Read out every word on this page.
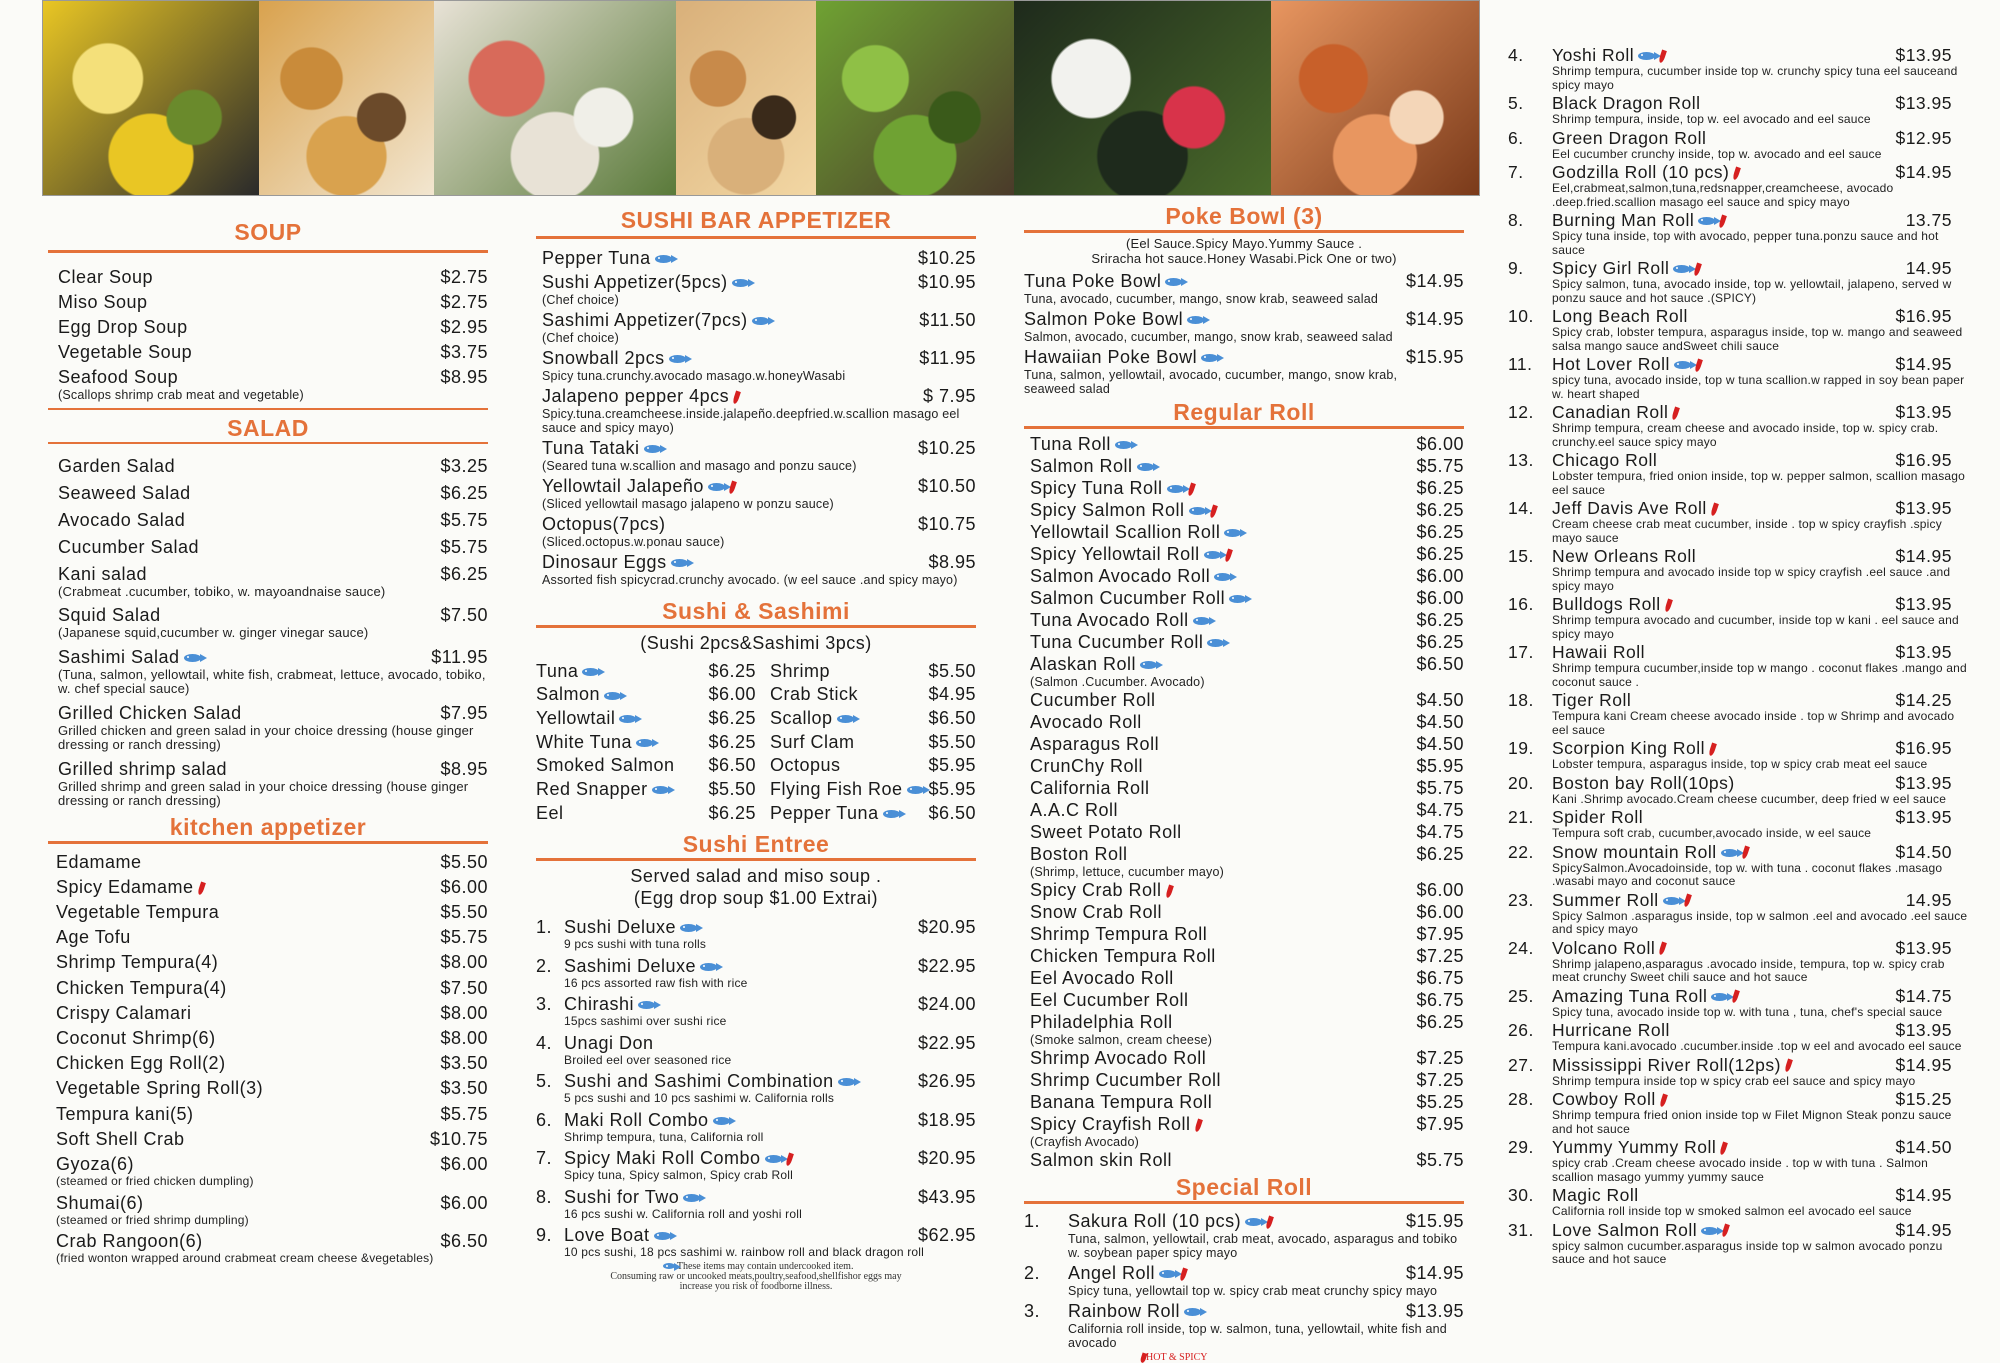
SOUP
Clear Soup	$2.75
Miso Soup	$2.75
Egg Drop Soup	$2.95
Vegetable Soup	$3.75
Seafood Soup	$8.95
(Scallops shrimp crab meat and vegetable)
SALAD
Garden Salad	$3.25
Seaweed Salad	$6.25
Avocado Salad	$5.75
Cucumber Salad	$5.75
Kani salad	$6.25
(Crabmeat .cucumber, tobiko, w. mayoandnaise sauce)
Squid Salad	$7.50
(Japanese squid,cucumber w. ginger vinegar sauce)
Sashimi Salad	$11.95
(Tuna, salmon, yellowtail, white fish, crabmeat, lettuce, avocado, tobiko, w. chef special sauce)
Grilled Chicken Salad	$7.95
Grilled chicken and green salad in your choice dressing (house ginger dressing or ranch dressing)
Grilled shrimp salad	$8.95
Grilled shrimp and green salad in your choice dressing (house ginger dressing or ranch dressing)
kitchen appetizer
Edamame	$5.50
Spicy Edamame	$6.00
Vegetable Tempura	$5.50
Age Tofu	$5.75
Shrimp Tempura(4)	$8.00
Chicken Tempura(4)	$7.50
Crispy Calamari	$8.00
Coconut Shrimp(6)	$8.00
Chicken Egg Roll(2)	$3.50
Vegetable Spring Roll(3)	$3.50
Tempura kani(5)	$5.75
Soft Shell Crab	$10.75
Gyoza(6)	$6.00
(steamed or fried chicken dumpling)
Shumai(6)	$6.00
(steamed or fried shrimp dumpling)
Crab Rangoon(6)	$6.50
(fried wonton wrapped around crabmeat cream cheese &vegetables)
SUSHI BAR APPETIZER
Pepper Tuna	$10.25
Sushi Appetizer(5pcs)	$10.95
(Chef choice)
Sashimi Appetizer(7pcs)	$11.50
(Chef choice)
Snowball 2pcs	$11.95
Spicy tuna.crunchy.avocado masago.w.honeyWasabi
Jalapeno pepper 4pcs	$ 7.95
Spicy.tuna.creamcheese.inside.jalapeño.deepfried.w.scallion masago eel sauce and spicy mayo)
Tuna Tataki	$10.25
(Seared tuna w.scallion and masago and ponzu sauce)
Yellowtail Jalapeño	$10.50
(Sliced yellowtail masago jalapeno w ponzu sauce)
Octopus(7pcs)	$10.75
(Sliced.octopus.w.ponau sauce)
Dinosaur Eggs	$8.95
Assorted fish spicycrad.crunchy avocado. (w eel sauce .and spicy mayo)
Sushi & Sashimi
(Sushi 2pcs&Sashimi 3pcs)
Tuna	$6.25
Salmon	$6.00
Yellowtail	$6.25
White Tuna	$6.25
Smoked Salmon $6.50
Red Snapper	$5.50
Eel	$6.25
Shrimp	$5.50
Crab Stick	$4.95
Scallop	$6.50
Surf Clam	$5.50
Octopus	$5.95
Flying Fish Roe $5.95
Pepper Tuna	$6.50
Sushi Entree
Served salad and miso soup .
(Egg drop soup $1.00 Extrai)
1. Sushi Deluxe	$20.95
9 pcs sushi with tuna rolls
2. Sashimi Deluxe	$22.95
16 pcs assorted raw fish with rice
3. Chirashi	$24.00
15pcs sashimi over sushi rice
4. Unagi Don	$22.95
Broiled eel over seasoned rice
5. Sushi and Sashimi Combination	$26.95
5 pcs sushi and 10 pcs sashimi w. California rolls
6. Maki Roll Combo	$18.95
Shrimp tempura, tuna, California roll
7. Spicy Maki Roll Combo	$20.95
Spicy tuna, Spicy salmon, Spicy crab Roll
8. Sushi for Two	$43.95
16 pcs sushi w. California roll and yoshi roll
9. Love Boat	$62.95
10 pcs sushi, 18 pcs sashimi w. rainbow roll and black dragon roll
These items may contain undercooked item.
Consuming raw or uncooked meats,poultry,seafood,shellfishor eggs may
increase you risk of foodborne illness.
Poke Bowl (3)
(Eel Sauce.Spicy Mayo.Yummy Sauce .
Sriracha hot sauce.Honey Wasabi.Pick One or two)
Tuna Poke Bowl	$14.95
Tuna, avocado, cucumber, mango, snow krab, seaweed salad
Salmon Poke Bowl	$14.95
Salmon, avocado, cucumber, mango, snow krab, seaweed salad
Hawaiian Poke Bowl	$15.95
Tuna, salmon, yellowtail, avocado, cucumber, mango, snow krab, seaweed salad
Regular Roll
Tuna Roll	$6.00
Salmon Roll	$5.75
Spicy Tuna Roll	$6.25
Spicy Salmon Roll	$6.25
Yellowtail Scallion Roll	$6.25
Spicy Yellowtail Roll	$6.25
Salmon Avocado Roll	$6.00
Salmon Cucumber Roll	$6.00
Tuna Avocado Roll	$6.25
Tuna Cucumber Roll	$6.25
Alaskan Roll	$6.50
(Salmon .Cucumber. Avocado)
Cucumber Roll	$4.50
Avocado Roll	$4.50
Asparagus Roll	$4.50
CrunChy Roll	$5.95
California Roll	$5.75
A.A.C Roll	$4.75
Sweet Potato Roll	$4.75
Boston Roll	$6.25
(Shrimp, lettuce, cucumber mayo)
Spicy Crab Roll	$6.00
Snow Crab Roll	$6.00
Shrimp Tempura Roll	$7.95
Chicken Tempura Roll	$7.25
Eel Avocado Roll	$6.75
Eel Cucumber Roll	$6.75
Philadelphia Roll	$6.25
(Smoke salmon, cream cheese)
Shrimp Avocado Roll	$7.25
Shrimp Cucumber Roll	$7.25
Banana Tempura Roll	$5.25
Spicy Crayfish Roll	$7.95
(Crayfish Avocado)
Salmon skin Roll	$5.75
Special Roll
1. Sakura Roll (10 pcs)	$15.95
Tuna, salmon, yellowtail, crab meat, avocado, asparagus and tobiko w. soybean paper spicy mayo
2. Angel Roll	$14.95
Spicy tuna, yellowtail top w. spicy crab meat crunchy spicy mayo
3. Rainbow Roll	$13.95
California roll inside, top w. salmon, tuna, yellowtail, white fish and avocado
HOT & SPICY
4. Yoshi Roll	$13.95
Shrimp tempura, cucumber inside top w. crunchy spicy tuna eel sauceand spicy mayo
5. Black Dragon Roll	$13.95
Shrimp tempura, inside, top w. eel avocado and eel sauce
6. Green Dragon Roll	$12.95
Eel cucumber crunchy inside, top w. avocado and eel sauce
7. Godzilla Roll (10 pcs)	$14.95
Eel,crabmeat,salmon,tuna,redsnapper,creamcheese, avocado .deep.fried.scallion masago eel sauce and spicy mayo
8. Burning Man Roll	13.75
Spicy tuna inside, top with avocado, pepper tuna.ponzu sauce and hot sauce
9. Spicy Girl Roll	14.95
Spicy salmon, tuna, avocado inside, top w. yellowtail, jalapeno, served w ponzu sauce and hot sauce .(SPICY)
10. Long Beach Roll	$16.95
Spicy crab, lobster tempura, asparagus inside, top w. mango and seaweed salsa mango sauce andSweet chili sauce
11. Hot Lover Roll	$14.95
spicy tuna, avocado inside, top w tuna scallion.w rapped in soy bean paper w. heart shaped
12. Canadian Roll	$13.95
Shrimp tempura, cream cheese and avocado inside, top w. spicy crab. crunchy.eel sauce spicy mayo
13. Chicago Roll	$16.95
Lobster tempura, fried onion inside, top w. pepper salmon, scallion masago eel sauce
14. Jeff Davis Ave Roll	$13.95
Cream cheese crab meat cucumber, inside . top w spicy crayfish .spicy mayo sauce
15. New Orleans Roll	$14.95
Shrimp tempura and avocado inside top w spicy crayfish .eel sauce .and spicy mayo
16. Bulldogs Roll	$13.95
Shrimp tempura avocado and cucumber, inside top w kani . eel sauce and spicy mayo
17. Hawaii Roll	$13.95
Shrimp tempura cucumber,inside top w mango . coconut flakes .mango and coconut sauce .
18. Tiger Roll	$14.25
Tempura kani Cream cheese avocado inside . top w Shrimp and avocado eel sauce
19. Scorpion King Roll	$16.95
Lobster tempura, asparagus inside, top w spicy crab meat eel sauce
20. Boston bay Roll(10ps)	$13.95
Kani .Shrimp avocado.Cream cheese cucumber, deep fried w eel sauce
21. Spider Roll	$13.95
Tempura soft crab, cucumber,avocado inside, w eel sauce
22. Snow mountain Roll	$14.50
SpicySalmon.Avocadoinside, top w. with tuna . coconut flakes .masago .wasabi mayo and coconut sauce
23. Summer Roll	14.95
Spicy Salmon .asparagus inside, top w salmon .eel and avocado .eel sauce and spicy mayo
24. Volcano Roll	$13.95
Shrimp jalapeno,asparagus .avocado inside, tempura, top w. spicy crab meat crunchy Sweet chili sauce and hot sauce
25. Amazing Tuna Roll	$14.75
Spicy tuna, avocado inside top w. with tuna , tuna, chef's special sauce
26. Hurricane Roll	$13.95
Tempura kani.avocado .cucumber.inside .top w eel and avocado eel sauce
27. Mississippi River Roll(12ps)	$14.95
Shrimp tempura inside top w spicy crab eel sauce and spicy mayo
28. Cowboy Roll	$15.25
Shrimp tempura fried onion inside top w Filet Mignon Steak ponzu sauce and hot sauce
29. Yummy Yummy Roll	$14.50
spicy crab .Cream cheese avocado inside . top w with tuna . Salmon scallion masago yummy yummy sauce
30. Magic Roll	$14.95
California roll inside top w smoked salmon eel avocado eel sauce
31. Love Salmon Roll	$14.95
spicy salmon cucumber.asparagus inside top w salmon avocado ponzu sauce and hot sauce
